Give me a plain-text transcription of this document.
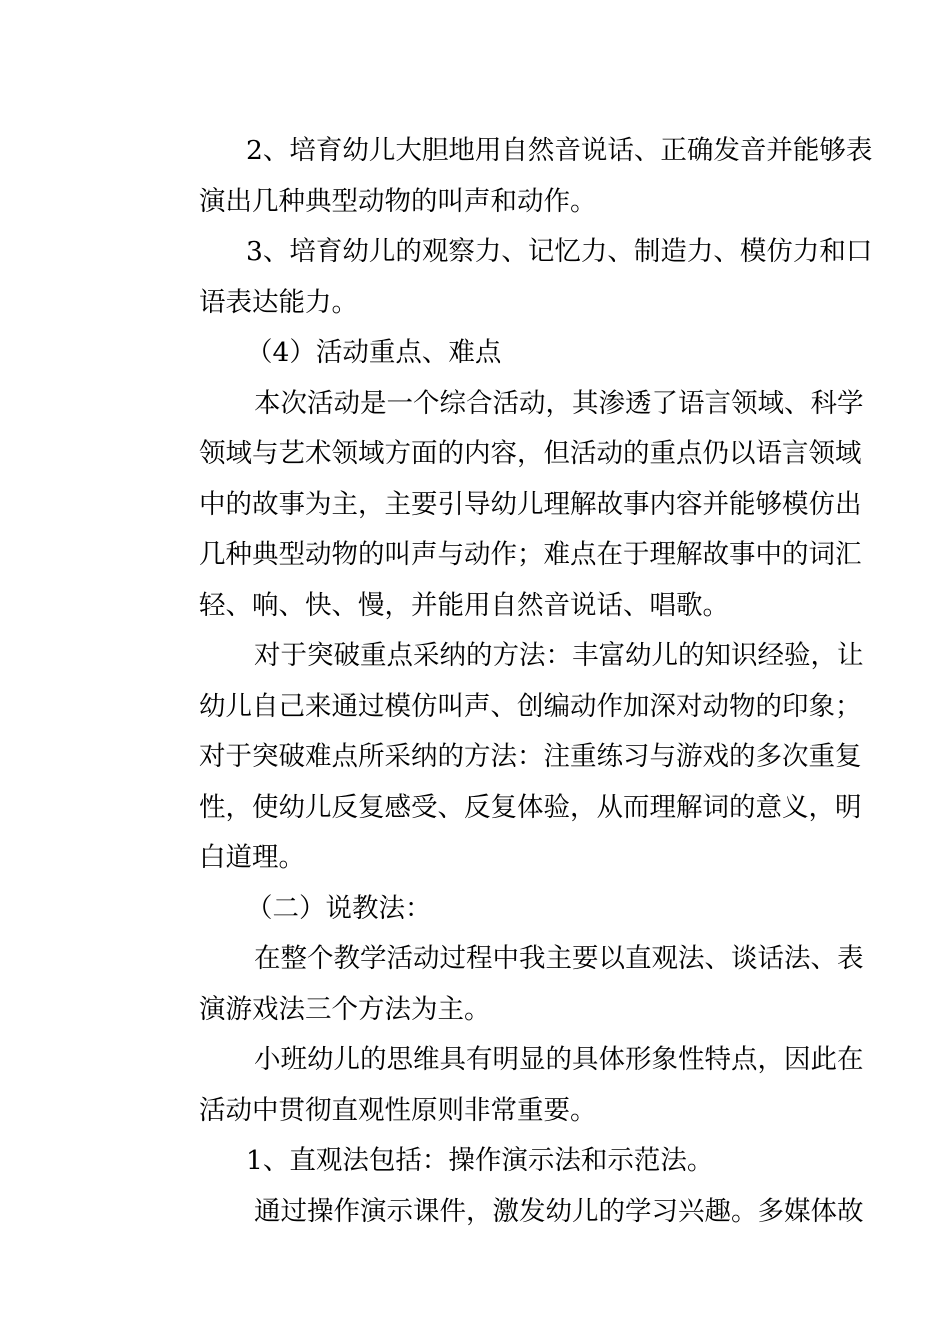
2、培育幼儿大胆地用自然音说话、正确发音并能够表
演出几种典型动物的叫声和动作。

3、培育幼儿的观察力、记忆力、制造力、模仿力和口
语表达能力。

（4）活动重点、难点

本次活动是一个综合活动，其渗透了语言领域、科学
领域与艺术领域方面的内容，但活动的重点仍以语言领域
中的故事为主，主要引导幼儿理解故事内容并能够模仿出
几种典型动物的叫声与动作；难点在于理解故事中的词汇
轻、响、快、慢，并能用自然音说话、唱歌。

对于突破重点采纳的方法：丰富幼儿的知识经验，让
幼儿自己来通过模仿叫声、创编动作加深对动物的印象；
对于突破难点所采纳的方法：注重练习与游戏的多次重复
性，使幼儿反复感受、反复体验，从而理解词的意义，明
白道理。

（二）说教法：

在整个教学活动过程中我主要以直观法、谈话法、表
演游戏法三个方法为主。

小班幼儿的思维具有明显的具体形象性特点，因此在
活动中贯彻直观性原则非常重要。

1、直观法包括：操作演示法和示范法。

通过操作演示课件，激发幼儿的学习兴趣。多媒体故
